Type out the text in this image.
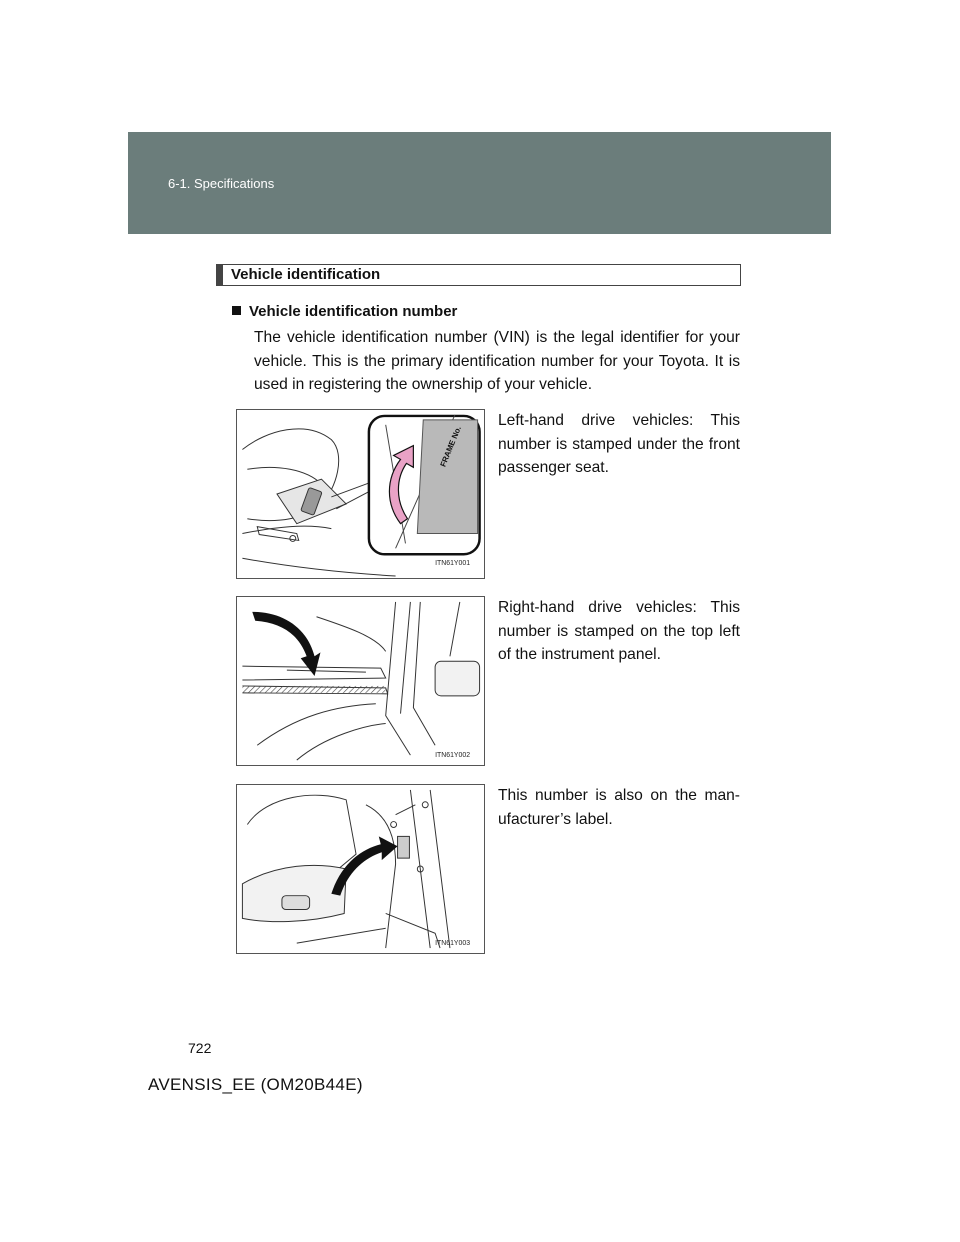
6-1. Specifications
Vehicle identification
Vehicle identification number
The vehicle identification number (VIN) is the legal identifier for your vehicle. This is the primary identification number for your Toyota. It is used in registering the ownership of your vehicle.
FRAME No.
ITN61Y001
Left-hand drive vehicles: This number is stamped under the front passenger seat.
ITN61Y002
Right-hand drive vehicles: This number is stamped on the top left of the instrument panel.
ITN61Y003
This number is also on the man-ufacturer’s label.
722
AVENSIS_EE (OM20B44E)
